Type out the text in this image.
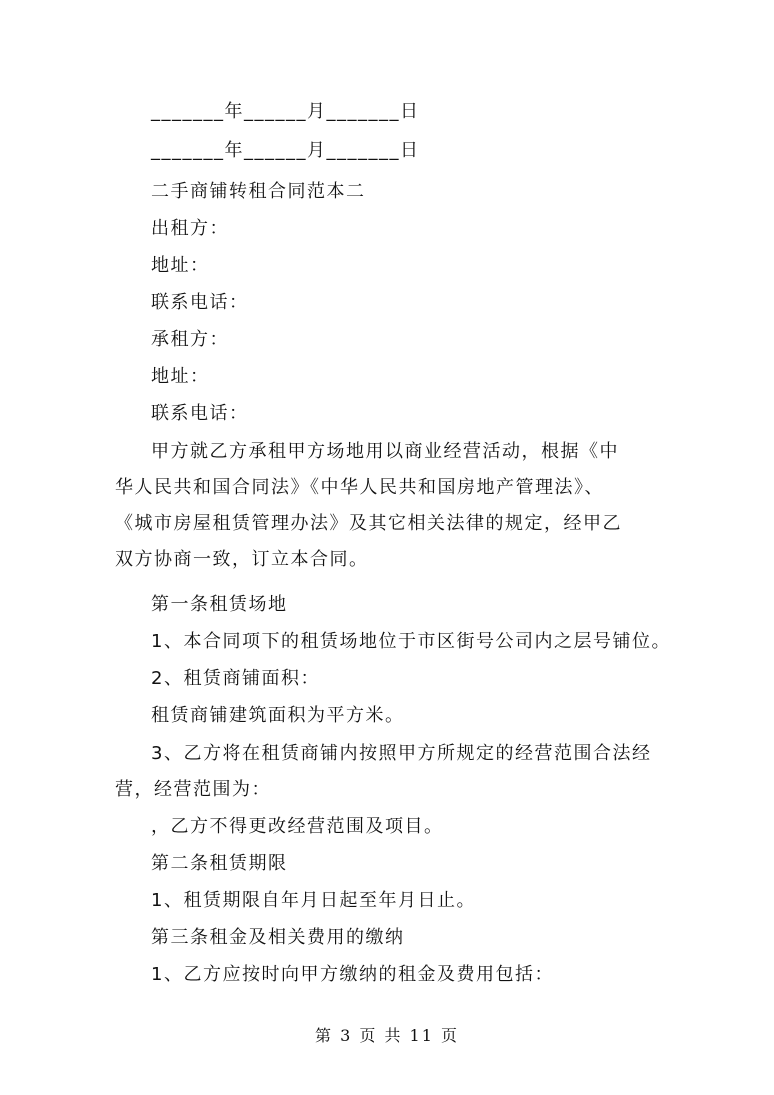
_______年______月_______日
_______年______月_______日
二手商铺转租合同范本二
出租方：
地址：
联系电话：
承租方：
地址：
联系电话：

甲方就乙方承租甲方场地用以商业经营活动，根据《中华人民共和国合同法》《中华人民共和国房地产管理法》、《城市房屋租赁管理办法》及其它相关法律的规定，经甲乙双方协商一致，订立本合同。

第一条租赁场地
1、本合同项下的租赁场地位于市区街号公司内之层号铺位。
2、租赁商铺面积：
租赁商铺建筑面积为平方米。

3、乙方将在租赁商铺内按照甲方所规定的经营范围合法经营，经营范围为：

，乙方不得更改经营范围及项目。
第二条租赁期限
1、租赁期限自年月日起至年月日止。
第三条租金及相关费用的缴纳
1、乙方应按时向甲方缴纳的租金及费用包括：
第 3 页 共 11 页
